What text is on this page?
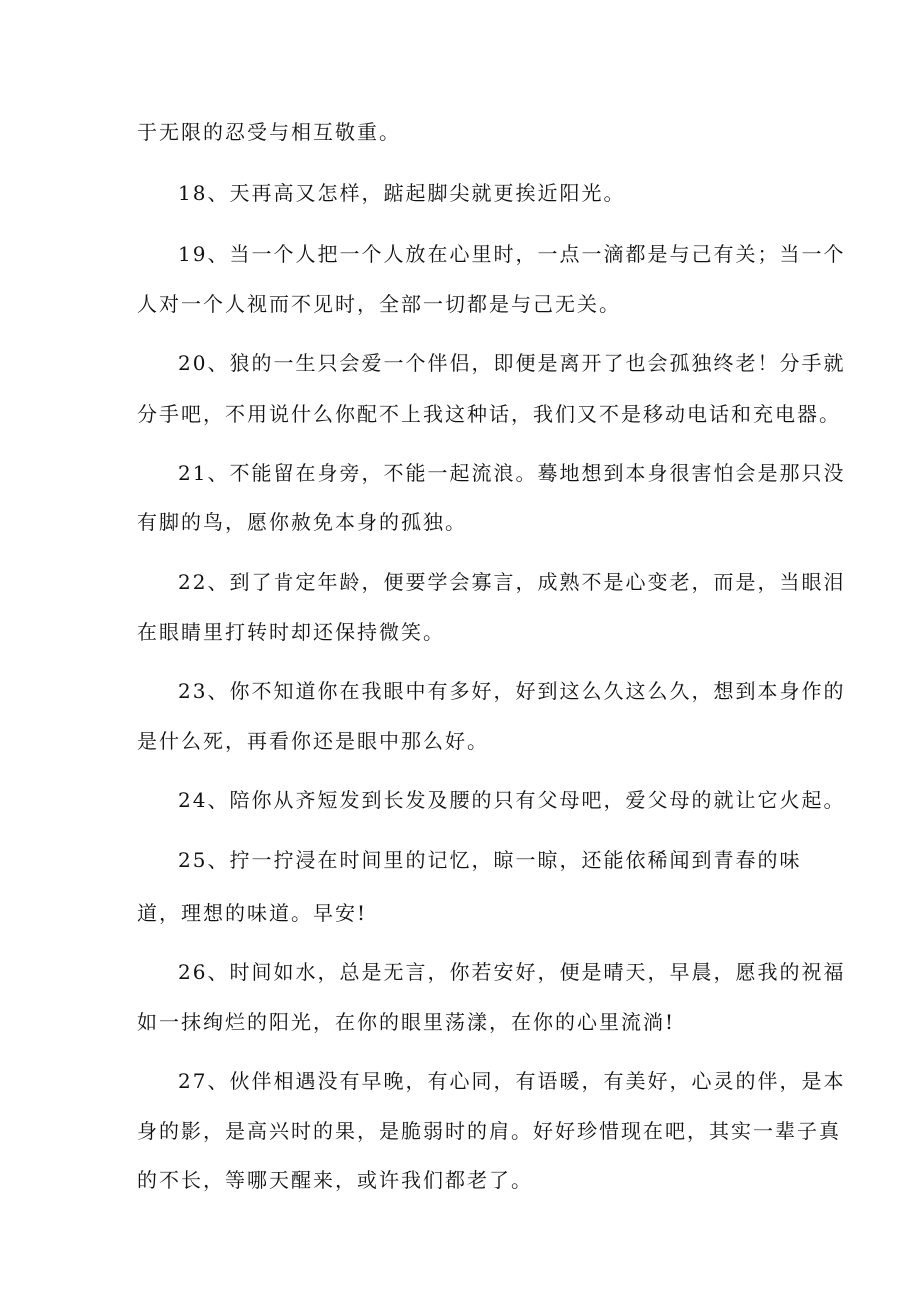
于无限的忍受与相互敬重。

18、天再高又怎样，踮起脚尖就更挨近阳光。

19、当一个人把一个人放在心里时，一点一滴都是与己有关；当一个

人对一个人视而不见时，全部一切都是与己无关。

20、狼的一生只会爱一个伴侣，即便是离开了也会孤独终老！分手就

分手吧，不用说什么你配不上我这种话，我们又不是移动电话和充电器。

21、不能留在身旁，不能一起流浪。蓦地想到本身很害怕会是那只没

有脚的鸟，愿你赦免本身的孤独。

22、到了肯定年龄，便要学会寡言，成熟不是心变老，而是，当眼泪

在眼睛里打转时却还保持微笑。

23、你不知道你在我眼中有多好，好到这么久这么久，想到本身作的

是什么死，再看你还是眼中那么好。

24、陪你从齐短发到长发及腰的只有父母吧，爱父母的就让它火起。

25、拧一拧浸在时间里的记忆，晾一晾，还能依稀闻到青春的味

道，理想的味道。早安!

26、时间如水，总是无言，你若安好，便是晴天，早晨，愿我的祝福

如一抹绚烂的阳光，在你的眼里荡漾，在你的心里流淌!

27、伙伴相遇没有早晚，有心同，有语暖，有美好，心灵的伴，是本

身的影，是高兴时的果，是脆弱时的肩。好好珍惜现在吧，其实一辈子真

的不长，等哪天醒来，或许我们都老了。
